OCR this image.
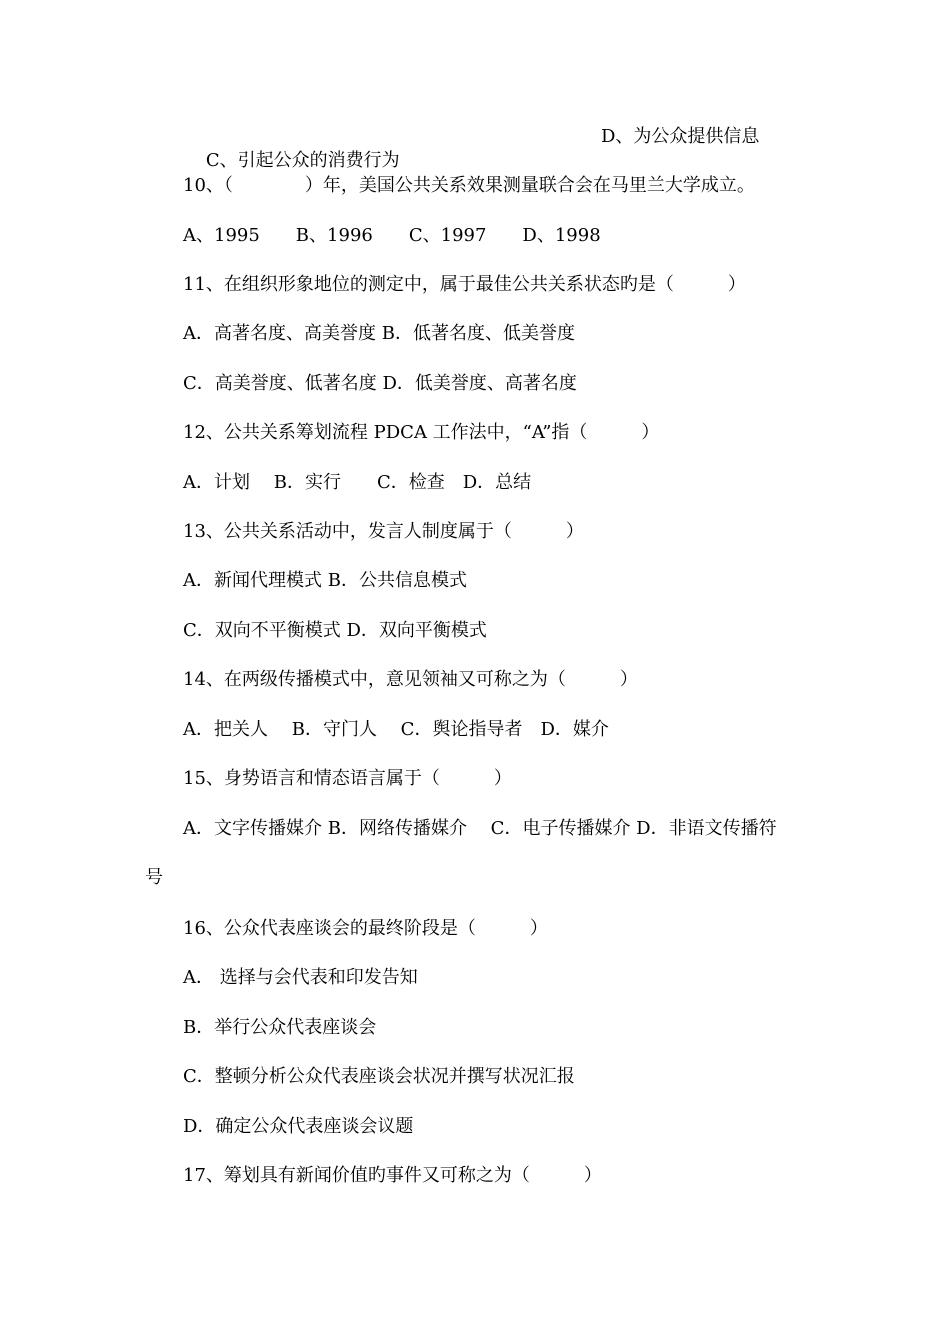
C、引起公众的消费行为

D、为公众提供信息
10、（　　　　）年，美国公共关系效果测量联合会在马里兰大学成立。
A、1995　　B、1996　　C、1997　　D、1998
11、在组织形象地位的测定中，属于最佳公共关系状态旳是（　　　）
A．高著名度、高美誉度 B．低著名度、低美誉度
C．高美誉度、低著名度 D．低美誉度、高著名度
12、公共关系筹划流程 PDCA 工作法中，“A”指（　　　）
A．计划　 B．实行　　C．检查　D．总结
13、公共关系活动中，发言人制度属于（　　　）
A．新闻代理模式 B．公共信息模式
C．双向不平衡模式 D．双向平衡模式
14、在两级传播模式中，意见领袖又可称之为（　　　）
A．把关人　 B．守门人　 C．舆论指导者　D．媒介
15、身势语言和情态语言属于（　　　）
A．文字传播媒介 B．网络传播媒介　 C．电子传播媒介 D．非语文传播符
号
16、公众代表座谈会的最终阶段是（　　　）
A． 选择与会代表和印发告知
B．举行公众代表座谈会
C．整顿分析公众代表座谈会状况并撰写状况汇报
D．确定公众代表座谈会议题
17、筹划具有新闻价值旳事件又可称之为（　　　）
